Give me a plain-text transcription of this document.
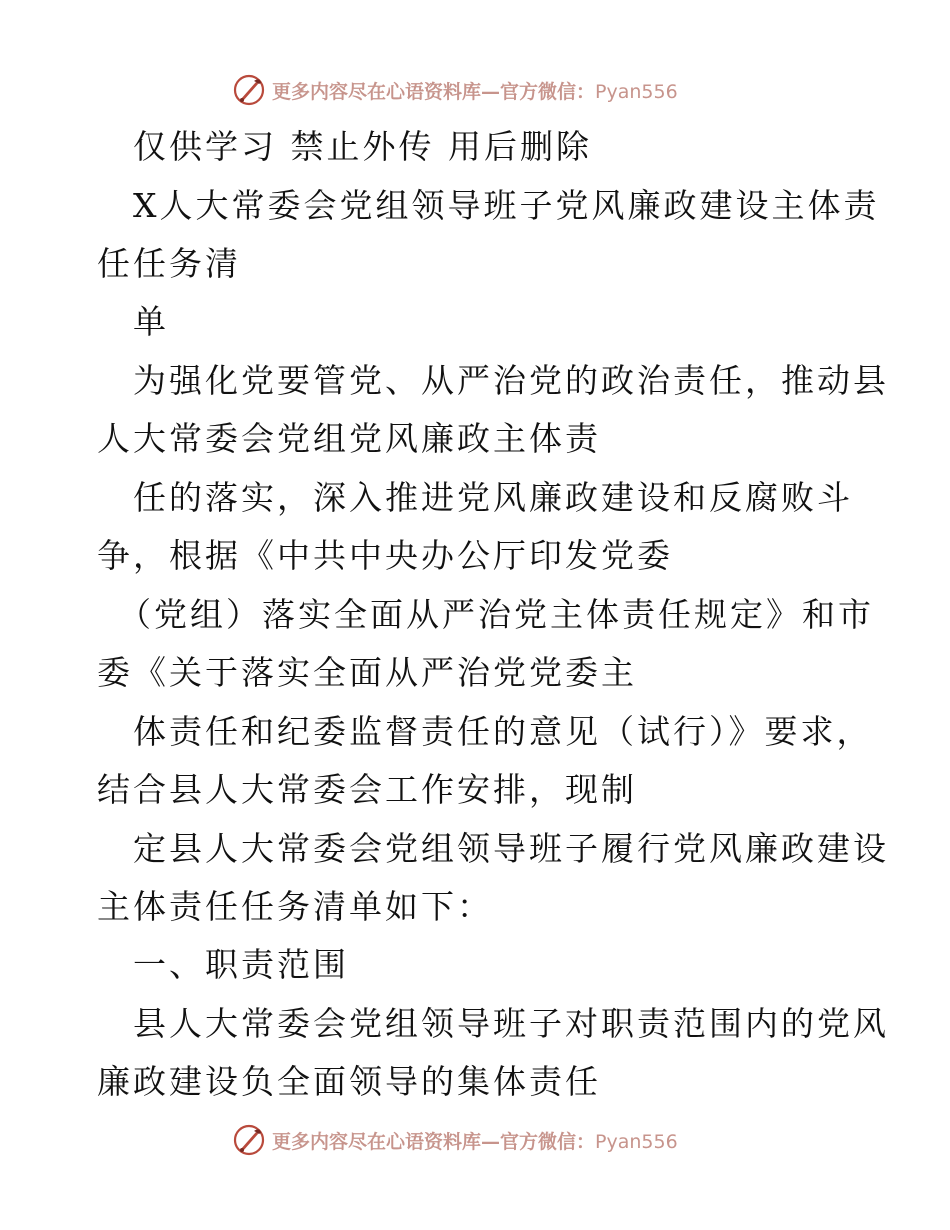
更多内容尽在心语资料库—官方微信：Pyan556
仅供学习 禁止外传 用后删除
X人大常委会党组领导班子党风廉政建设主体责
任任务清
单
为强化党要管党、从严治党的政治责任，推动县
人大常委会党组党风廉政主体责
任的落实，深入推进党风廉政建设和反腐败斗
争，根据《中共中央办公厅印发党委
（党组）落实全面从严治党主体责任规定》和市
委《关于落实全面从严治党党委主
体责任和纪委监督责任的意见（试行）》要求，
结合县人大常委会工作安排，现制
定县人大常委会党组领导班子履行党风廉政建设
主体责任任务清单如下：
一、职责范围
县人大常委会党组领导班子对职责范围内的党风
廉政建设负全面领导的集体责任
更多内容尽在心语资料库—官方微信：Pyan556
